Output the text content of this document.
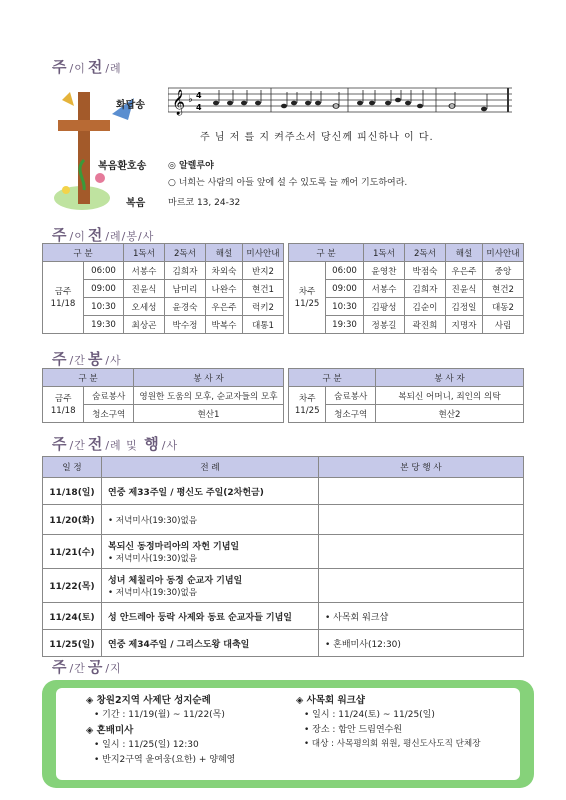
주 /이 전 /례
화답송 𝄞 ♭ 4
4
주 님 저 를 지 켜주소서 당신께 피신하나 이 다.
복음환호송 ◎ 알렐루야
○ 너희는 사람의 아들 앞에 설 수 있도록 늘 깨어 기도하여라.
복음	마르코 13, 24-32
주 /이 전 /례/봉/사
구 분		1독서	2독서	해설	미사안내
금주
11/18	06:00	서봉수	김희자	차외숙	반지2
	09:00	진윤식	남미리	나완수	현건1
	10:30	오세성	윤경숙	우은주	럭키2
	19:30	최상곤	박수정	박복수	대통1
구 분		1독서	2독서	해설	미사안내
차주
11/25	06:00	윤영찬	박점숙	우은주	중앙
	09:00	서봉수	김희자	진윤식	현건2
	10:30	김팡성	김순이	김정일	대동2
	19:30	정봉길	곽진희	지명자	사림
주 /간 봉 /사
구 분		봉 사 자
금주
11/18	숨료봉사	영원한 도움의 모후, 순교자들의 모후
	청소구역	현산1
구 분		봉 사 자
차주
11/25	숨료봉사	복되신 어머니, 죄인의 의탁
	청소구역	현산2
주 /간 전 /례 및 행 /사
일 정	전 례	본 당 행 사
11/18(일)	연중 제33주일 / 평신도 주일(2차헌금)	
11/20(화)	• 저녁미사(19:30)없음	

11/21(수)	복되신 동정마리아의 자헌 기념일
• 저녁미사(19:30)없음	

11/22(목)	성녀 체칠리아 동정 순교자 기념일
• 저녁미사(19:30)없음	

11/24(토)	성 안드레아 둥락 사제와 동료 순교자들 기념일	• 사목회 워크샵
11/25(일)	연중 제34주일 / 그리스도왕 대축일	• 혼배미사(12:30)
주 /간 공 /지
◈ 창원2지역 사제단 성지순례
• 기간 : 11/19(월) ~ 11/22(목)
◈ 혼배미사
• 일시 : 11/25(일) 12:30
• 반지2구역 윤여웅(요한) + 양혜영
◈ 사목회 워크샵
• 일시 : 11/24(토) ~ 11/25(일)
• 장소 : 함안 드림연수원
• 대상 : 사목평의회 위원, 평신도사도직 단체장
